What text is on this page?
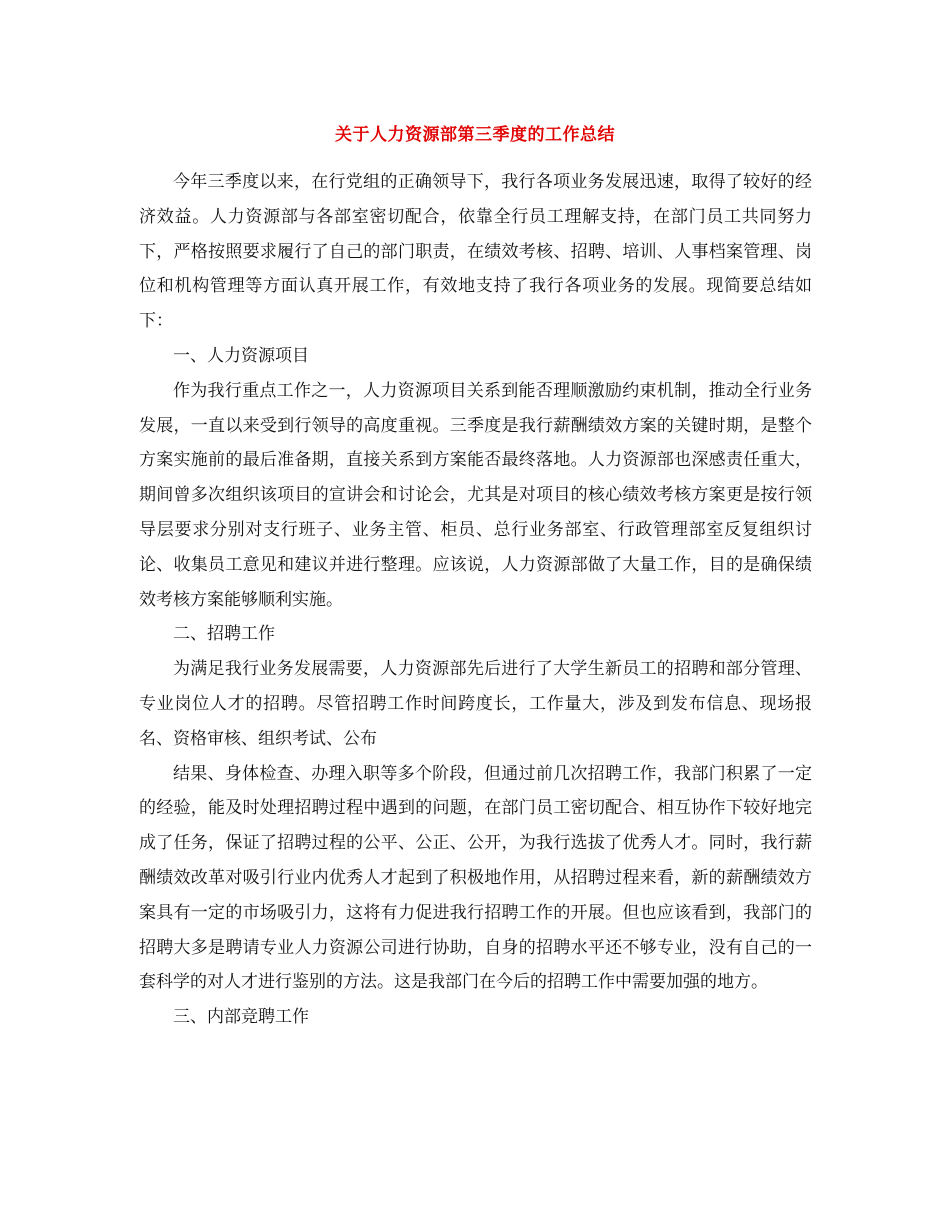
关于人力资源部第三季度的工作总结

今年三季度以来，在行党组的正确领导下，我行各项业务发展迅速，取得了较好的经济效益。人力资源部与各部室密切配合，依靠全行员工理解支持，在部门员工共同努力下，严格按照要求履行了自己的部门职责，在绩效考核、招聘、培训、人事档案管理、岗位和机构管理等方面认真开展工作，有效地支持了我行各项业务的发展。现简要总结如下：

一、人力资源项目

作为我行重点工作之一，人力资源项目关系到能否理顺激励约束机制，推动全行业务发展，一直以来受到行领导的高度重视。三季度是我行薪酬绩效方案的关键时期，是整个方案实施前的最后准备期，直接关系到方案能否最终落地。人力资源部也深感责任重大，期间曾多次组织该项目的宣讲会和讨论会，尤其是对项目的核心绩效考核方案更是按行领导层要求分别对支行班子、业务主管、柜员、总行业务部室、行政管理部室反复组织讨论、收集员工意见和建议并进行整理。应该说，人力资源部做了大量工作，目的是确保绩效考核方案能够顺利实施。

二、招聘工作

为满足我行业务发展需要，人力资源部先后进行了大学生新员工的招聘和部分管理、专业岗位人才的招聘。尽管招聘工作时间跨度长，工作量大，涉及到发布信息、现场报名、资格审核、组织考试、公布

结果、身体检查、办理入职等多个阶段，但通过前几次招聘工作，我部门积累了一定的经验，能及时处理招聘过程中遇到的问题，在部门员工密切配合、相互协作下较好地完成了任务，保证了招聘过程的公平、公正、公开，为我行选拔了优秀人才。同时，我行薪酬绩效改革对吸引行业内优秀人才起到了积极地作用，从招聘过程来看，新的薪酬绩效方案具有一定的市场吸引力，这将有力促进我行招聘工作的开展。但也应该看到，我部门的招聘大多是聘请专业人力资源公司进行协助，自身的招聘水平还不够专业，没有自己的一套科学的对人才进行鉴别的方法。这是我部门在今后的招聘工作中需要加强的地方。

三、内部竞聘工作
